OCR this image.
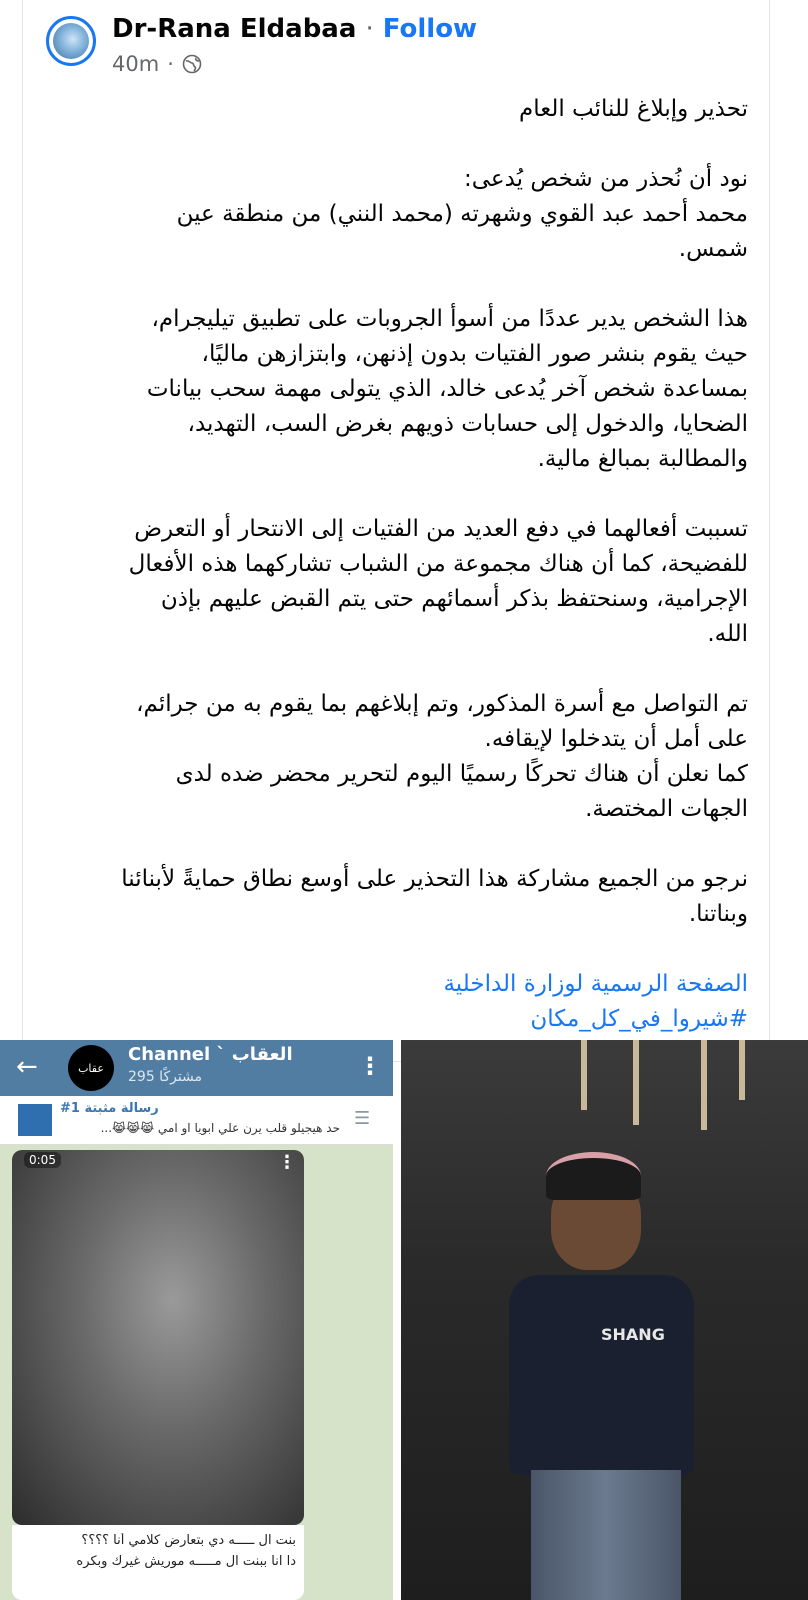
Dr-Rana Eldabaa · Follow
40m ·
تحذير وإبلاغ للنائب العام
نود أن نُحذر من شخص يُدعى:
محمد أحمد عبد القوي وشهرته (محمد النني) من منطقة عين
شمس.
هذا الشخص يدير عددًا من أسوأ الجروبات على تطبيق تيليجرام،
حيث يقوم بنشر صور الفتيات بدون إذنهن، وابتزازهن ماليًا،
بمساعدة شخص آخر يُدعى خالد، الذي يتولى مهمة سحب بيانات
الضحايا، والدخول إلى حسابات ذويهم بغرض السب، التهديد،
والمطالبة بمبالغ مالية.
تسببت أفعالهما في دفع العديد من الفتيات إلى الانتحار أو التعرض
للفضيحة، كما أن هناك مجموعة من الشباب تشاركهما هذه الأفعال
الإجرامية، وسنحتفظ بذكر أسمائهم حتى يتم القبض عليهم بإذن
الله.
تم التواصل مع أسرة المذكور، وتم إبلاغهم بما يقوم به من جرائم،
على أمل أن يتدخلوا لإيقافه.
كما نعلن أن هناك تحركًا رسميًا اليوم لتحرير محضر ضده لدى
الجهات المختصة.
نرجو من الجميع مشاركة هذا التحذير على أوسع نطاق حمايةً لأبنائنا
وبناتنا.
الصفحة الرسمية لوزارة الداخلية
#شيروا_في_كل_مكان
←	عقاب
Channel ` العقاب
295 مشتركًا	⋮
#1 رسالة مثبتة
حد هيجيلو قلب يرن علي ابويا او امي 😹😹😹... ☰
0:05	⋮
بنت ال ـــــه دي بتعارض كلامي أنا ؟؟؟؟
دا انا ببنت ال مـــــه موريش غيرك وبكره
SHANG
